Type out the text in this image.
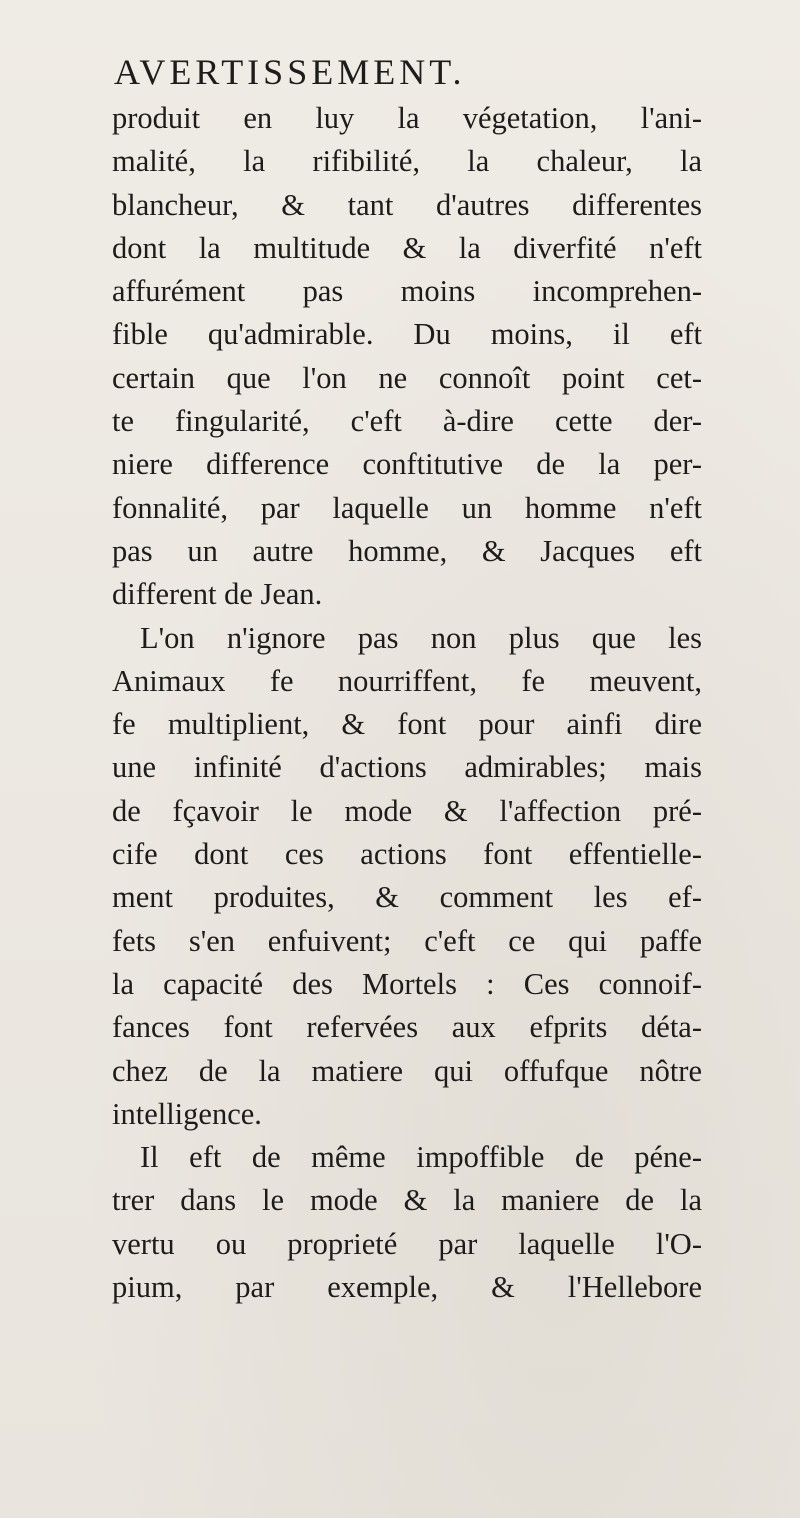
AVERTISSEMENT.
produit en luy la végetation, l'ani-
malité, la rifibilité, la chaleur, la
blancheur, & tant d'autres differentes
dont la multitude & la diverfité n'eft
affurément pas moins incomprehen-
fible qu'admirable. Du moins, il eft
certain que l'on ne connoît point cet-
te fingularité, c'eft à-dire cette der-
niere difference conftitutive de la per-
fonnalité, par laquelle un homme n'eft
pas un autre homme, & Jacques eft
different de Jean.
L'on n'ignore pas non plus que les
Animaux fe nourriffent, fe meuvent,
fe multiplient, & font pour ainfi dire
une infinité d'actions admirables; mais
de fçavoir le mode & l'affection pré-
cife dont ces actions font effentielle-
ment produites, & comment les ef-
fets s'en enfuivent; c'eft ce qui paffe
la capacité des Mortels : Ces connoif-
fances font refervées aux efprits déta-
chez de la matiere qui offufque nôtre
intelligence.
Il eft de même impoffible de péne-
trer dans le mode & la maniere de la
vertu ou proprieté par laquelle l'O-
pium, par exemple, & l'Hellebore
